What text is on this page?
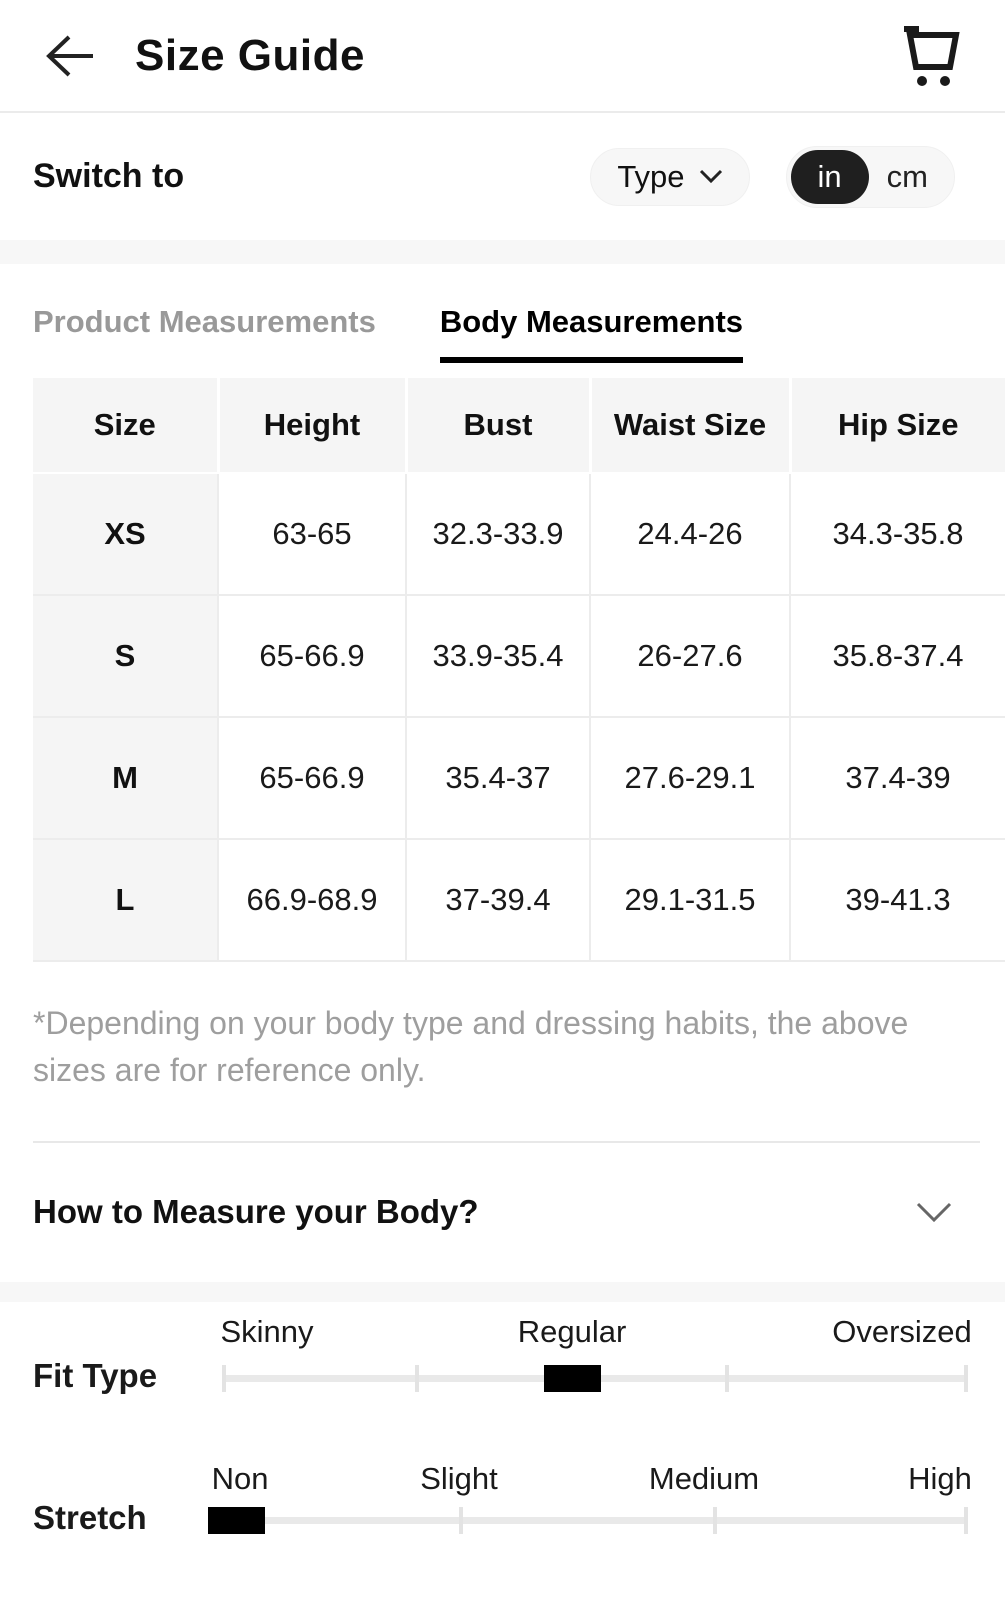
Size Guide
Switch to	Type	in	cm
Product Measurements Body Measurements
Size	Height	Bust	Waist Size	Hip Size
XS	63-65	32.3-33.9	24.4-26	34.3-35.8
S	65-66.9	33.9-35.4	26-27.6	35.8-37.4
M	65-66.9	35.4-37	27.6-29.1	37.4-39
L	66.9-68.9	37-39.4	29.1-31.5	39-41.3
*Depending on your body type and dressing habits, the above sizes are for reference only.
How to Measure your Body?
Fit Type
Skinny	Regular	Oversized
Stretch
Non	Slight	Medium	High
